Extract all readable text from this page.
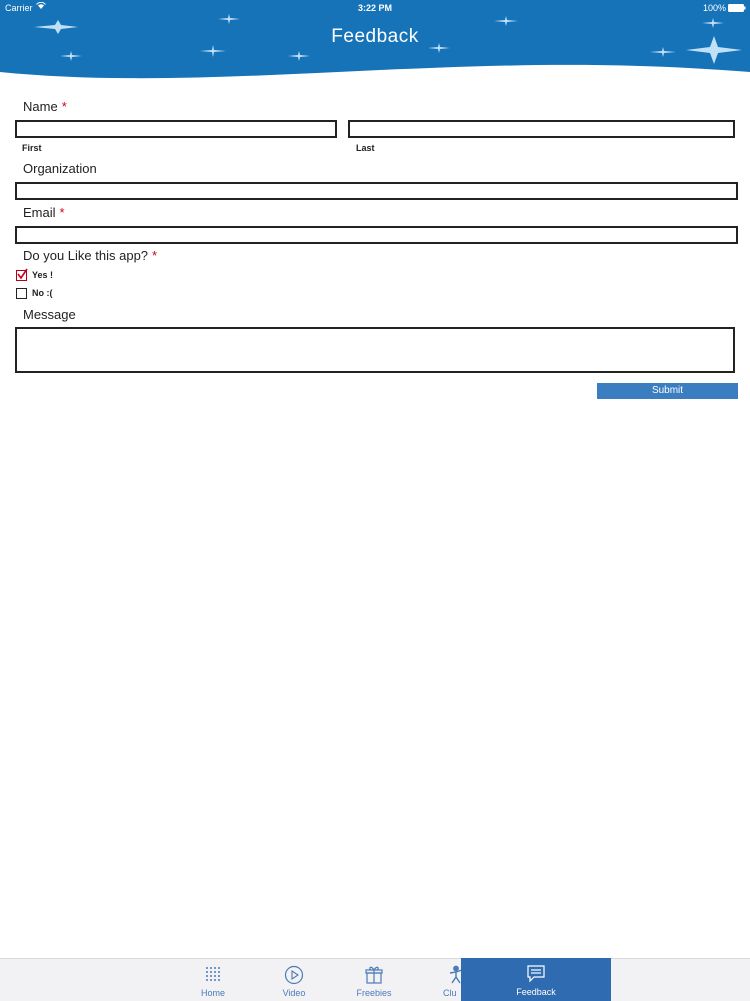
Carrier	3:22 PM	100%
Feedback
Name *
First	Last
Organization
Email *
Do you Like this app? *
Yes !
No :(
Message
Submit
Home	Video	Freebies	Clu	Feedback
